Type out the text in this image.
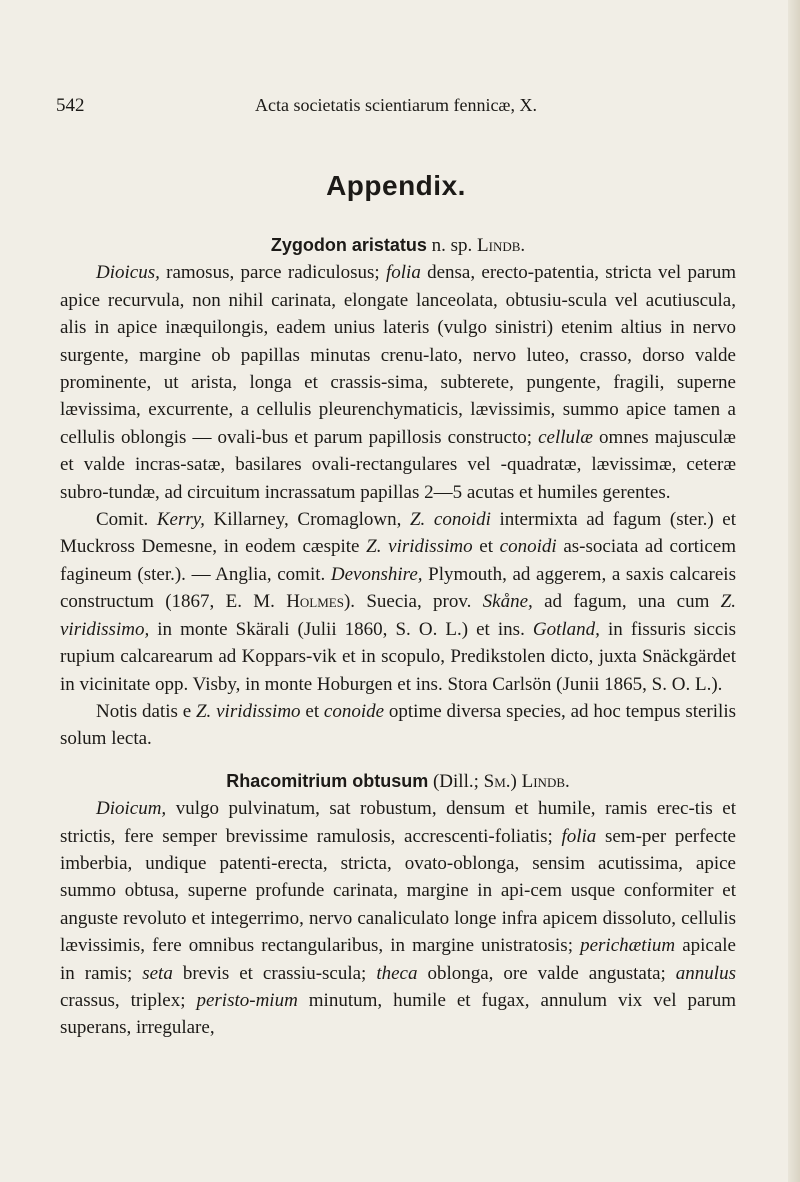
542	Acta societatis scientiarum fennicæ, X.
Appendix.
Zygodon aristatus n. sp. Lindb.

Dioicus, ramosus, parce radiculosus; folia densa, erecto-patentia, stricta vel parum apice recurvula, non nihil carinata, elongate lanceolata, obtusiu-scula vel acutiuscula, alis in apice inæquilongis, eadem unius lateris (vulgo sinistri) etenim altius in nervo surgente, margine ob papillas minutas crenu-lato, nervo luteo, crasso, dorso valde prominente, ut arista, longa et crassis-sima, subterete, pungente, fragili, superne lævissima, excurrente, a cellulis pleurenchymaticis, lævissimis, summo apice tamen a cellulis oblongis — ovali-bus et parum papillosis constructo; cellulæ omnes majusculæ et valde incras-satæ, basilares ovali-rectangulares vel -quadratæ, lævissimæ, ceteræ subro-tundæ, ad circuitum incrassatum papillas 2—5 acutas et humiles gerentes.

Comit. Kerry, Killarney, Cromaglown, Z. conoidi intermixta ad fagum (ster.) et Muckross Demesne, in eodem cæspite Z. viridissimo et conoidi as-sociata ad corticem fagineum (ster.). — Anglia, comit. Devonshire, Plymouth, ad aggerem, a saxis calcareis constructum (1867, E. M. Holmes). Suecia, prov. Skåne, ad fagum, una cum Z. viridissimo, in monte Skärali (Julii 1860, S. O. L.) et ins. Gotland, in fissuris siccis rupium calcarearum ad Koppars-vik et in scopulo, Predikstolen dicto, juxta Snäckgärdet in vicinitate opp. Visby, in monte Hoburgen et ins. Stora Carlsön (Junii 1865, S. O. L.).

Notis datis e Z. viridissimo et conoide optime diversa species, ad hoc tempus sterilis solum lecta.

Rhacomitrium obtusum (Dill.; Sm.) Lindb.

Dioicum, vulgo pulvinatum, sat robustum, densum et humile, ramis erec-tis et strictis, fere semper brevissime ramulosis, accrescenti-foliatis; folia sem-per perfecte imberbia, undique patenti-erecta, stricta, ovato-oblonga, sensim acutissima, apice summo obtusa, superne profunde carinata, margine in api-cem usque conformiter et anguste revoluto et integerrimo, nervo canaliculato longe infra apicem dissoluto, cellulis lævissimis, fere omnibus rectangularibus, in margine unistratosis; perichætium apicale in ramis; seta brevis et crassiu-scula; theca oblonga, ore valde angustata; annulus crassus, triplex; peristo-mium minutum, humile et fugax, annulum vix vel parum superans, irregulare,
